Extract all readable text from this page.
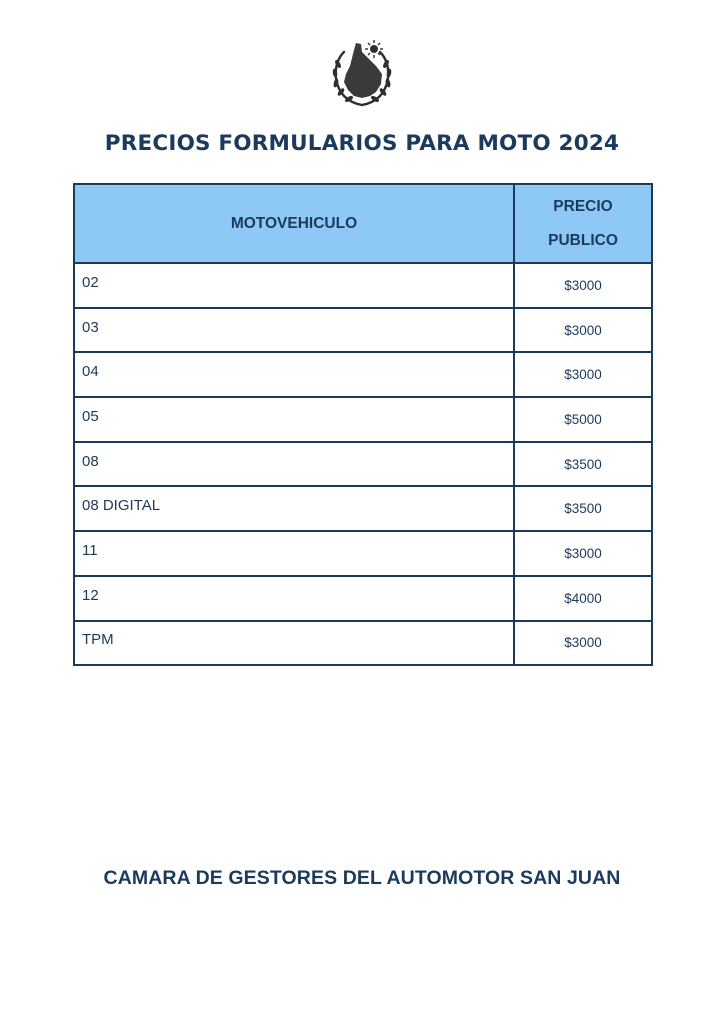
PRECIOS FORMULARIOS PARA MOTO 2024
MOTOVEHICULO	PRECIO PUBLICO

02	$3000
03	$3000
04	$3000
05	$5000
08	$3500
08 DIGITAL	$3500
11	$3000
12	$4000
TPM	$3000
CAMARA DE GESTORES DEL AUTOMOTOR SAN JUAN
